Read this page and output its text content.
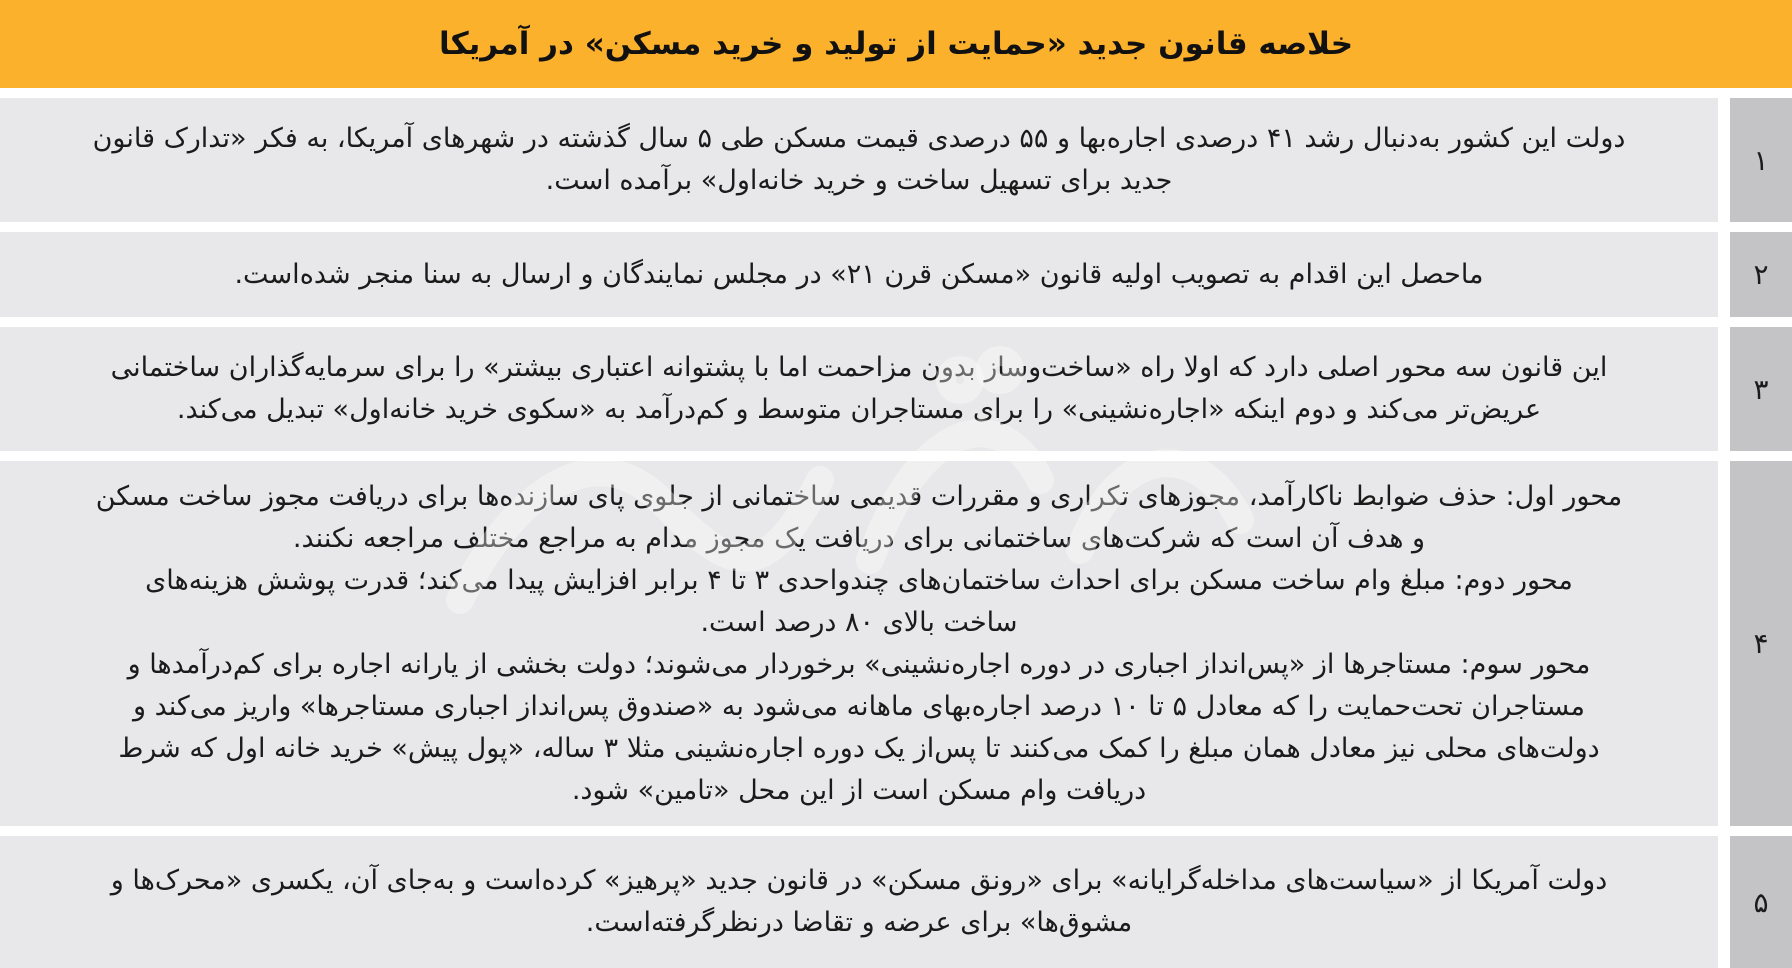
خلاصه قانون جدید «حمایت از تولید و خرید مسکن» در آمریکا

دولت این کشور به‌دنبال رشد ۴۱ درصدی اجاره‌بها و ۵۵ درصدی قیمت مسکن طی ۵ سال گذشته در شهرهای آمریکا، به فکر «تدارک قانون
جدید برای تسهیل ساخت و خرید خانه‌اول» برآمده است.

۱

ماحصل این اقدام به تصویب اولیه قانون «مسکن قرن ۲۱» در مجلس نمایندگان و ارسال به سنا منجر شده‌است.	۲

این قانون سه محور اصلی دارد که اولا راه «ساخت‌وساز بدون مزاحمت اما با پشتوانه اعتباری بیشتر» را برای سرمایه‌گذاران ساختمانی
عریض‌تر می‌کند و دوم اینکه «اجاره‌نشینی» را برای مستاجران متوسط و کم‌درآمد به «سکوی خرید خانه‌اول» تبدیل می‌کند.

۳

محور اول: حذف ضوابط ناکارآمد، مجوزهای تکراری و مقررات قدیمی ساختمانی از جلوی پای سازنده‌ها برای دریافت مجوز ساخت مسکن
و هدف آن است که شرکت‌های ساختمانی برای دریافت یک مجوز مدام به مراجع مختلف مراجعه نکنند.
محور دوم: مبلغ وام ساخت مسکن برای احداث ساختمان‌های چندواحدی ۳ تا ۴ برابر افزایش پیدا می‌کند؛ قدرت پوشش هزینه‌های
ساخت بالای ۸۰ درصد است.
محور سوم: مستاجرها از «پس‌انداز اجباری در دوره اجاره‌نشینی» برخوردار می‌شوند؛ دولت بخشی از یارانه اجاره برای کم‌درآمدها و
مستاجران تحت‌حمایت را که معادل ۵ تا ۱۰ درصد اجاره‌بهای ماهانه می‌شود به «صندوق پس‌انداز اجباری مستاجرها» واریز می‌کند و
دولت‌های محلی نیز معادل همان مبلغ را کمک می‌کنند تا پس‌از یک دوره اجاره‌نشینی مثلا ۳ ساله، «پول پیش» خرید خانه اول که شرط
دریافت وام مسکن است از این محل «تامین» شود.

۴

دولت آمریکا از «سیاست‌های مداخله‌گرایانه» برای «رونق مسکن» در قانون جدید «پرهیز» کرده‌است و به‌جای آن، یکسری «محرک‌ها و
مشوق‌ها» برای عرضه و تقاضا درنظرگرفته‌است.

۵
